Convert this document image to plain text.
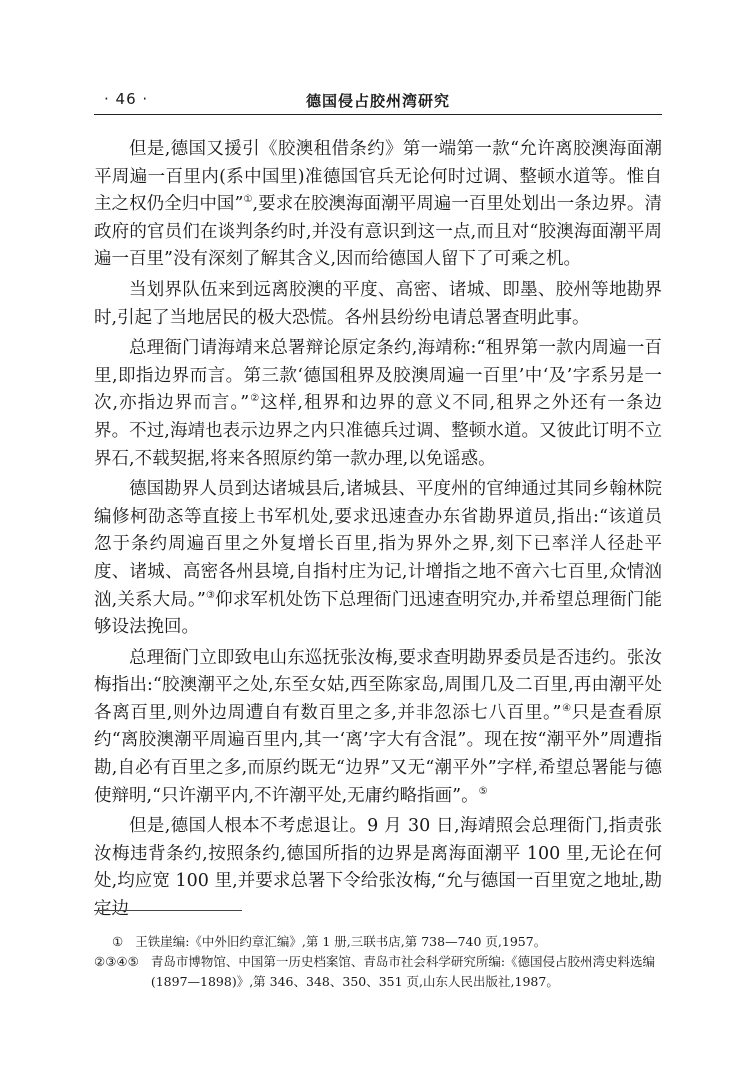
· 46 ·	德国侵占胶州湾研究

但是,德国又援引《胶澳租借条约》第一端第一款“允许离胶澳海面潮平周遍一百里内(系中国里)准德国官兵无论何时过调、整顿水道等。惟自主之权仍全归中国”①,要求在胶澳海面潮平周遍一百里处划出一条边界。清政府的官员们在谈判条约时,并没有意识到这一点,而且对“胶澳海面潮平周遍一百里”没有深刻了解其含义,因而给德国人留下了可乘之机。

当划界队伍来到远离胶澳的平度、高密、诸城、即墨、胶州等地勘界时,引起了当地居民的极大恐慌。各州县纷纷电请总署查明此事。

总理衙门请海靖来总署辩论原定条约,海靖称:“租界第一款内周遍一百里,即指边界而言。第三款‘德国租界及胶澳周遍一百里’中‘及’字系另是一次,亦指边界而言。”②这样,租界和边界的意义不同,租界之外还有一条边界。不过,海靖也表示边界之内只准德兵过调、整顿水道。又彼此订明不立界石,不载契据,将来各照原约第一款办理,以免谣惑。

德国勘界人员到达诸城县后,诸城县、平度州的官绅通过其同乡翰林院编修柯劭忞等直接上书军机处,要求迅速查办东省勘界道员,指出:“该道员忽于条约周遍百里之外复增长百里,指为界外之界,刻下已率洋人径赴平度、诸城、高密各州县境,自指村庄为记,计增指之地不啻六七百里,众情汹汹,关系大局。”③仰求军机处饬下总理衙门迅速查明究办,并希望总理衙门能够设法挽回。

总理衙门立即致电山东巡抚张汝梅,要求查明勘界委员是否违约。张汝梅指出:“胶澳潮平之处,东至女姑,西至陈家岛,周围几及二百里,再由潮平处各离百里,则外边周遭自有数百里之多,并非忽添七八百里。”④只是查看原约“离胶澳潮平周遍百里内,其一‘离’字大有含混”。现在按“潮平外”周遭指勘,自必有百里之多,而原约既无“边界”又无“潮平外”字样,希望总署能与德使辩明,“只许潮平内,不许潮平处,无庸约略指画”。⑤

但是,德国人根本不考虑退让。9 月 30 日,海靖照会总理衙门,指责张汝梅违背条约,按照条约,德国所指的边界是离海面潮平 100 里,无论在何处,均应宽 100 里,并要求总署下令给张汝梅,“允与德国一百里宽之地址,勘定边

① 王铁崖编:《中外旧约章汇编》,第 1 册,三联书店,第 738—740 页,1957。
②③④⑤ 青岛市博物馆、中国第一历史档案馆、青岛市社会科学研究所编:《德国侵占胶州湾史料选编(1897—1898)》,第 346、348、350、351 页,山东人民出版社,1987。
